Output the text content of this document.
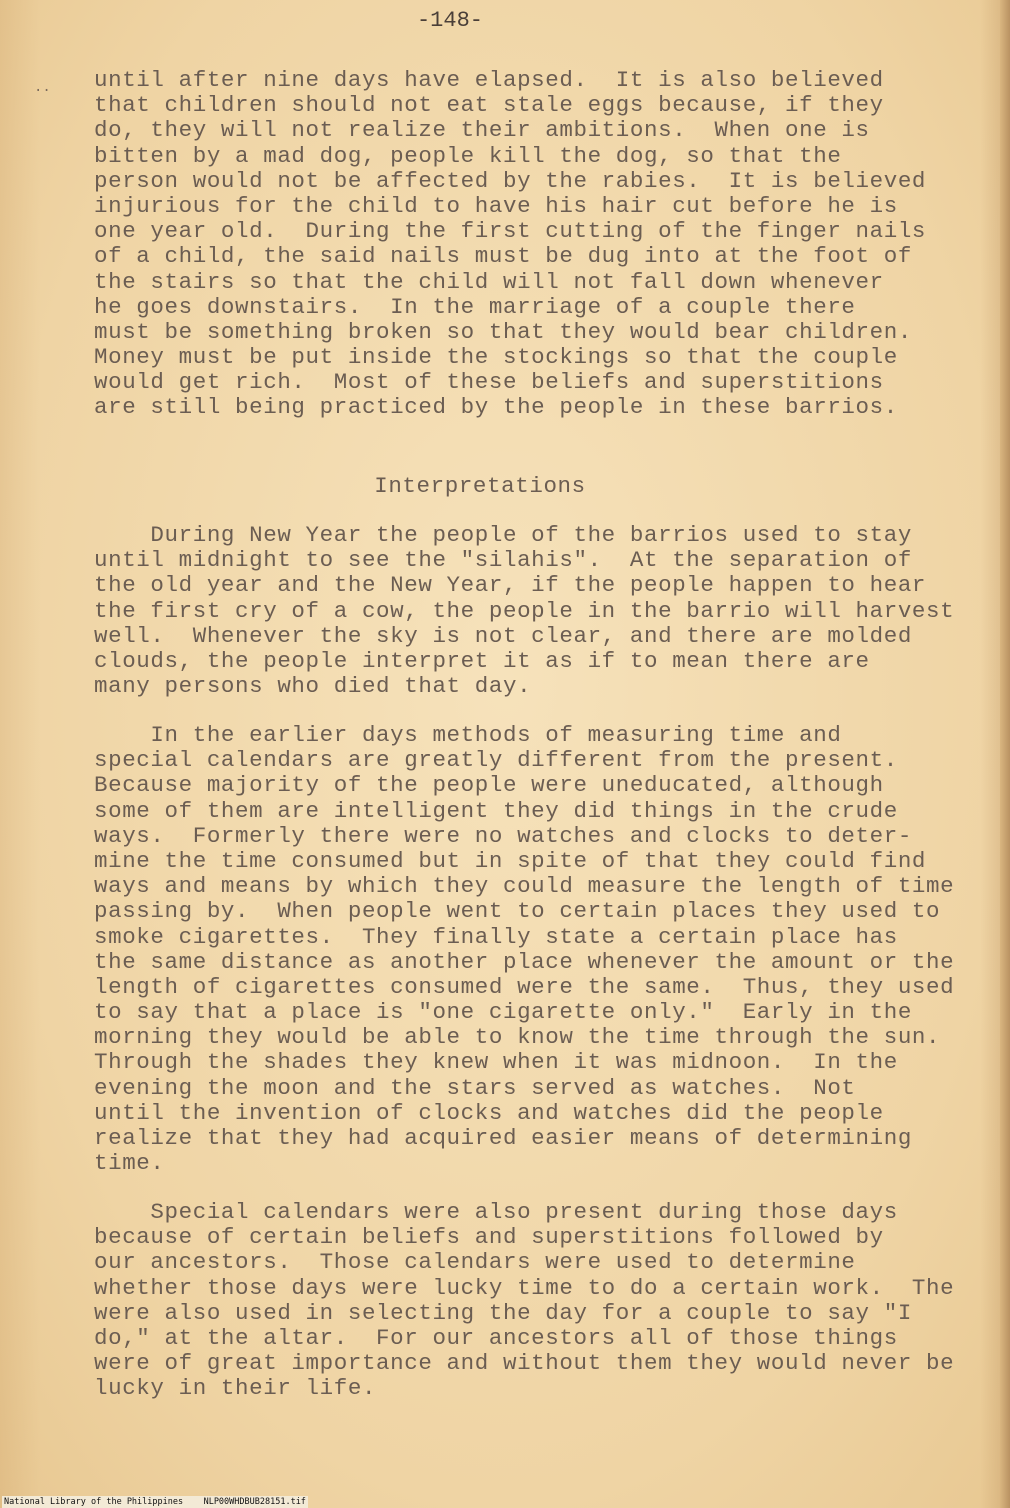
-148-
.. until after nine days have elapsed.  It is also believed
that children should not eat stale eggs because, if they
do, they will not realize their ambitions.  When one is
bitten by a mad dog, people kill the dog, so that the
person would not be affected by the rabies.  It is believed
injurious for the child to have his hair cut before he is
one year old.  During the first cutting of the finger nails
of a child, the said nails must be dug into at the foot of
the stairs so that the child will not fall down whenever
he goes downstairs.  In the marriage of a couple there
must be something broken so that they would bear children.
Money must be put inside the stockings so that the couple
would get rich.  Most of these beliefs and superstitions
are still being practiced by the people in these barrios.
Interpretations
During New Year the people of the barrios used to stay
until midnight to see the "silahis".  At the separation of
the old year and the New Year, if the people happen to hear
the first cry of a cow, the people in the barrio will harvest
well.  Whenever the sky is not clear, and there are molded
clouds, the people interpret it as if to mean there are
many persons who died that day.
In the earlier days methods of measuring time and
special calendars are greatly different from the present.
Because majority of the people were uneducated, although
some of them are intelligent they did things in the crude
ways.  Formerly there were no watches and clocks to deter-
mine the time consumed but in spite of that they could find
ways and means by which they could measure the length of time
passing by.  When people went to certain places they used to
smoke cigarettes.  They finally state a certain place has
the same distance as another place whenever the amount or the
length of cigarettes consumed were the same.  Thus, they used
to say that a place is "one cigarette only."  Early in the
morning they would be able to know the time through the sun.
Through the shades they knew when it was midnoon.  In the
evening the moon and the stars served as watches.  Not
until the invention of clocks and watches did the people
realize that they had acquired easier means of determining
time.
Special calendars were also present during those days
because of certain beliefs and superstitions followed by
our ancestors.  Those calendars were used to determine
whether those days were lucky time to do a certain work.  The
were also used in selecting the day for a couple to say "I
do," at the altar.  For our ancestors all of those things
were of great importance and without them they would never be
lucky in their life.
National Library of the Philippines    NLP00WHDBUB28151.tif
